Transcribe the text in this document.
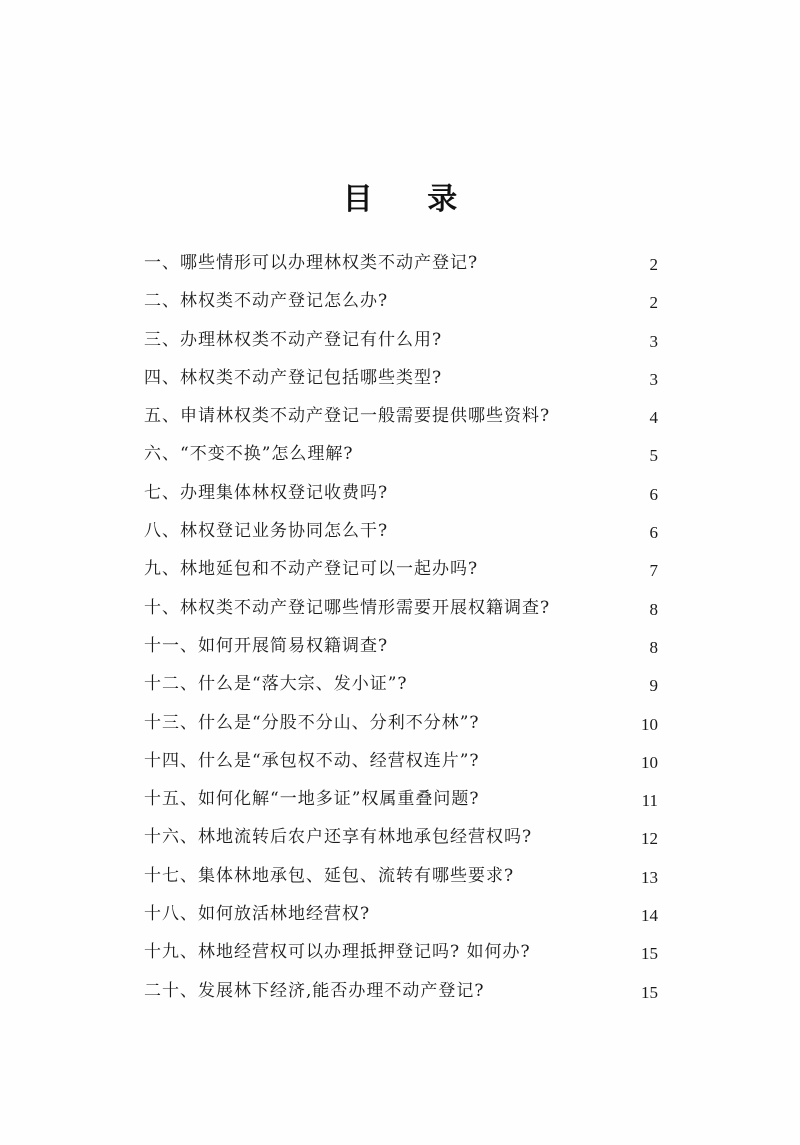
目 录
一、哪些情形可以办理林权类不动产登记?	2
二、林权类不动产登记怎么办?	2
三、办理林权类不动产登记有什么用?	3
四、林权类不动产登记包括哪些类型?	3
五、申请林权类不动产登记一般需要提供哪些资料?	4
六、“不变不换”怎么理解?	5
七、办理集体林权登记收费吗?	6
八、林权登记业务协同怎么干?	6
九、林地延包和不动产登记可以一起办吗?	7
十、林权类不动产登记哪些情形需要开展权籍调查?	8
十一、如何开展简易权籍调查?	8
十二、什么是“落大宗、发小证”?	9
十三、什么是“分股不分山、分利不分林”?	10
十四、什么是“承包权不动、经营权连片”?	10
十五、如何化解“一地多证”权属重叠问题?	11
十六、林地流转后农户还享有林地承包经营权吗?	12
十七、集体林地承包、延包、流转有哪些要求?	13
十八、如何放活林地经营权?	14
十九、林地经营权可以办理抵押登记吗? 如何办?	15
二十、发展林下经济,能否办理不动产登记?	15
